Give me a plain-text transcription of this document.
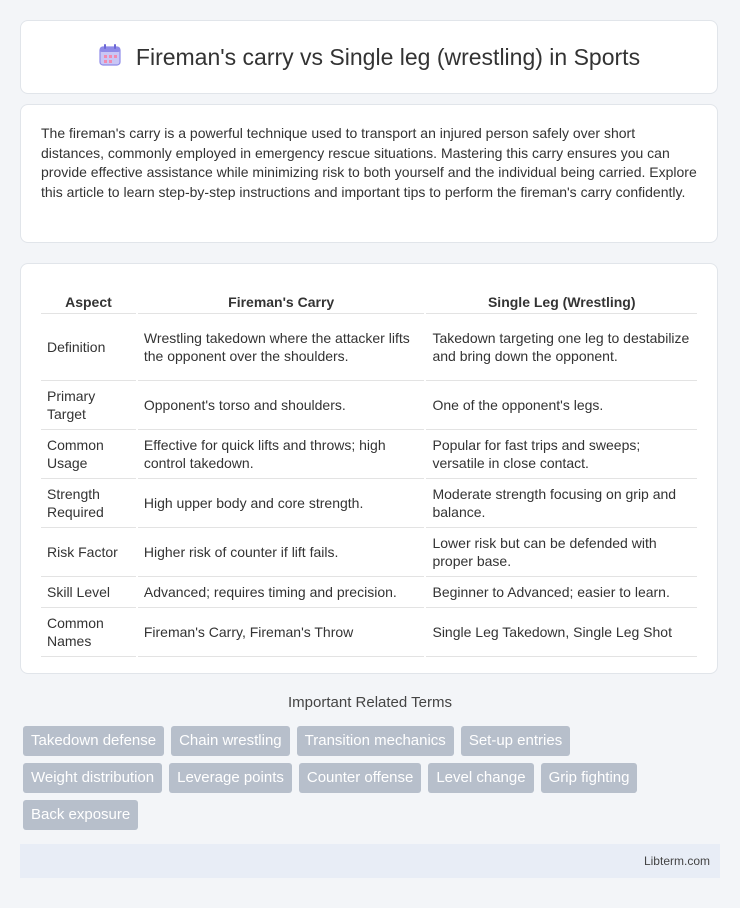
Fireman's carry vs Single leg (wrestling) in Sports

The fireman's carry is a powerful technique used to transport an injured person safely over short distances, commonly employed in emergency rescue situations. Mastering this carry ensures you can provide effective assistance while minimizing risk to both yourself and the individual being carried. Explore this article to learn step-by-step instructions and important tips to perform the fireman's carry confidently.

Aspect	Fireman's Carry	Single Leg (Wrestling)
Definition	Wrestling takedown where the attacker lifts the opponent over the shoulders.	Takedown targeting one leg to destabilize and bring down the opponent.
Primary Target	Opponent's torso and shoulders.	One of the opponent's legs.
Common Usage	Effective for quick lifts and throws; high control takedown.	Popular for fast trips and sweeps; versatile in close contact.
Strength Required	High upper body and core strength.	Moderate strength focusing on grip and balance.
Risk Factor	Higher risk of counter if lift fails.	Lower risk but can be defended with proper base.
Skill Level	Advanced; requires timing and precision.	Beginner to Advanced; easier to learn.
Common Names	Fireman's Carry, Fireman's Throw	Single Leg Takedown, Single Leg Shot
Important Related Terms
Takedown defense	Chain wrestling	Transition mechanics	Set-up entries
Weight distribution	Leverage points	Counter offense	Level change	Grip fighting
Back exposure
Libterm.com
